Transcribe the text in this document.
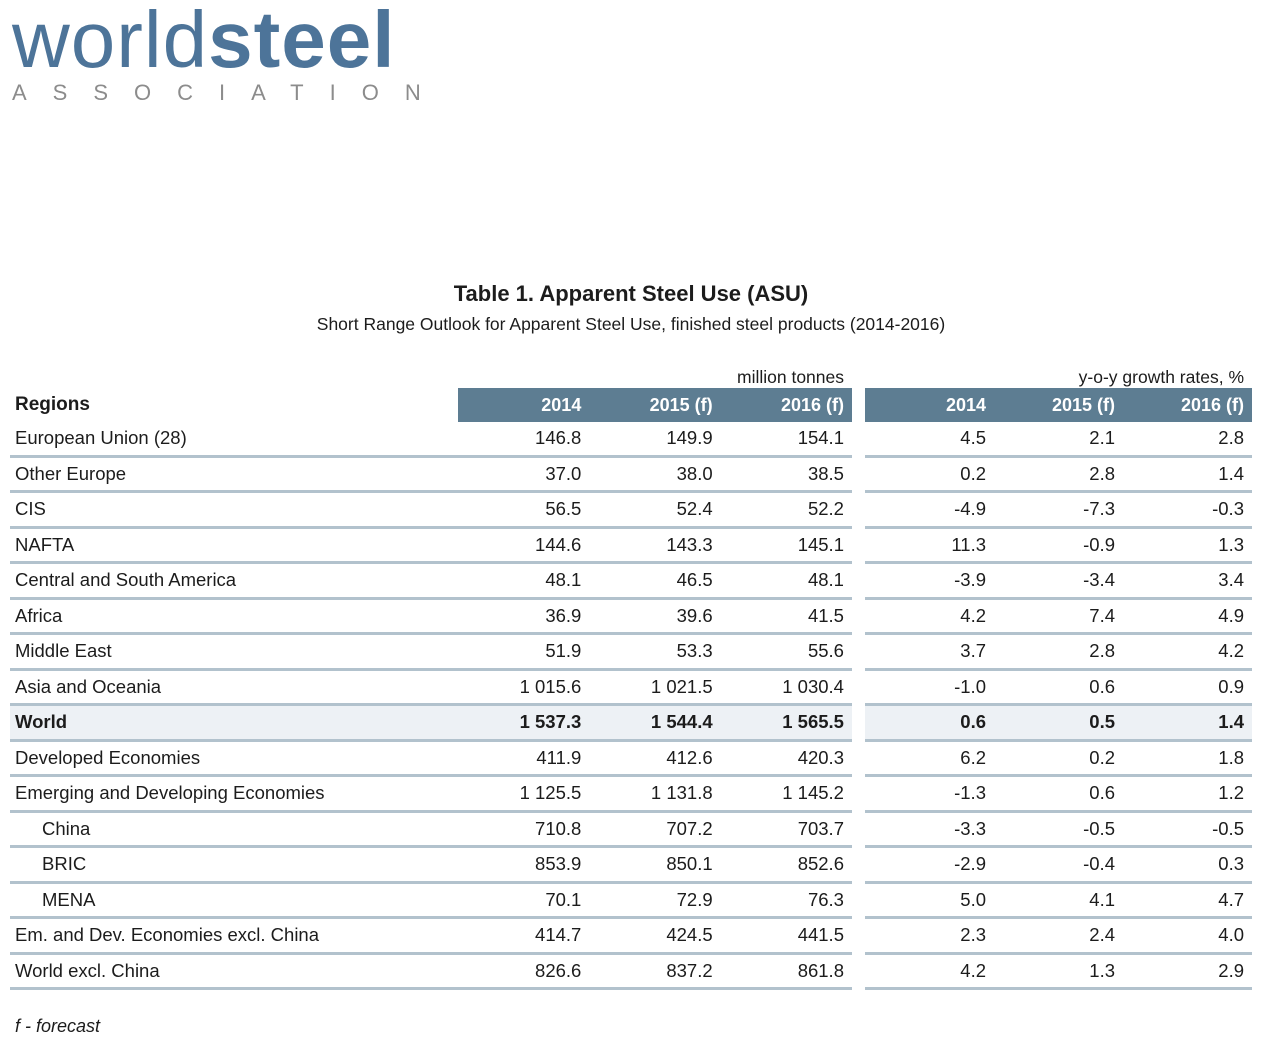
worldsteel
ASSOCIATION
Table 1. Apparent Steel Use (ASU)
Short Range Outlook for Apparent Steel Use, finished steel products (2014-2016)
million tonnes	y-o-y growth rates, %
Regions	2014	2015 (f)	2016 (f)	2014	2015 (f)	2016 (f)
European Union (28)	146.8	149.9	154.1	4.5	2.1	2.8
Other Europe	37.0	38.0	38.5	0.2	2.8	1.4
CIS	56.5	52.4	52.2	-4.9	-7.3	-0.3
NAFTA	144.6	143.3	145.1	11.3	-0.9	1.3
Central and South America	48.1	46.5	48.1	-3.9	-3.4	3.4
Africa	36.9	39.6	41.5	4.2	7.4	4.9
Middle East	51.9	53.3	55.6	3.7	2.8	4.2
Asia and Oceania	1 015.6	1 021.5	1 030.4	-1.0	0.6	0.9
World	1 537.3	1 544.4	1 565.5	0.6	0.5	1.4
Developed Economies	411.9	412.6	420.3	6.2	0.2	1.8
Emerging and Developing Economies	1 125.5	1 131.8	1 145.2	-1.3	0.6	1.2
China	710.8	707.2	703.7	-3.3	-0.5	-0.5
BRIC	853.9	850.1	852.6	-2.9	-0.4	0.3
MENA	70.1	72.9	76.3	5.0	4.1	4.7
Em. and Dev. Economies excl. China	414.7	424.5	441.5	2.3	2.4	4.0
World excl. China	826.6	837.2	861.8	4.2	1.3	2.9
f - forecast
